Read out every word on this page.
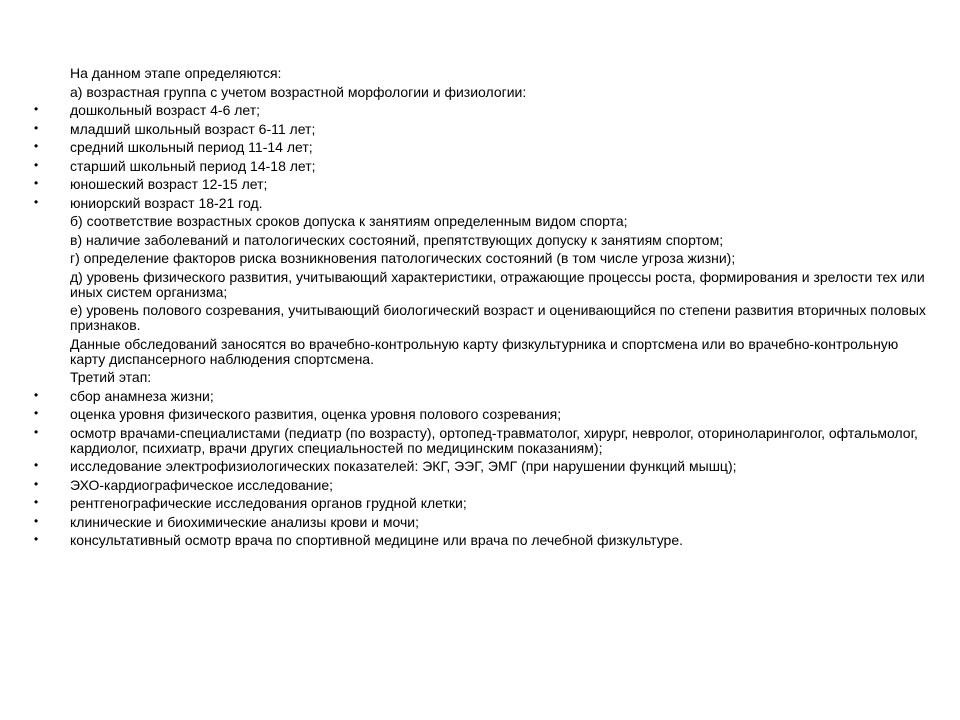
На данном этапе определяются:
а) возрастная группа с учетом возрастной морфологии и физиологии:
• дошкольный возраст 4-6 лет;
• младший школьный возраст 6-11 лет;
• средний школьный период 11-14 лет;
• старший школьный период 14-18 лет;
• юношеский возраст 12-15 лет;
• юниорский возраст 18-21 год.
б) соответствие возрастных сроков допуска к занятиям определенным видом спорта;
в) наличие заболеваний и патологических состояний, препятствующих допуску к занятиям спортом;
г) определение факторов риска возникновения патологических состояний (в том числе угроза жизни);
д) уровень физического развития, учитывающий характеристики, отражающие процессы роста, формирования и зрелости тех или иных систем организма;
е) уровень полового созревания, учитывающий биологический возраст и оценивающийся по степени развития вторичных половых признаков.
Данные обследований заносятся во врачебно-контрольную карту физкультурника и спортсмена или во врачебно-контрольную карту диспансерного наблюдения спортсмена.
Третий этап:
• сбор анамнеза жизни;
• оценка уровня физического развития, оценка уровня полового созревания;
• осмотр врачами-специалистами (педиатр (по возрасту), ортопед-травматолог, хирург, невролог, оториноларинголог, офтальмолог, кардиолог, психиатр, врачи других специальностей по медицинским показаниям);
• исследование электрофизиологических показателей: ЭКГ, ЭЭГ, ЭМГ (при нарушении функций мышц);
• ЭХО-кардиографическое исследование;
• рентгенографические исследования органов грудной клетки;
• клинические и биохимические анализы крови и мочи;
• консультативный осмотр врача по спортивной медицине или врача по лечебной физкультуре.
